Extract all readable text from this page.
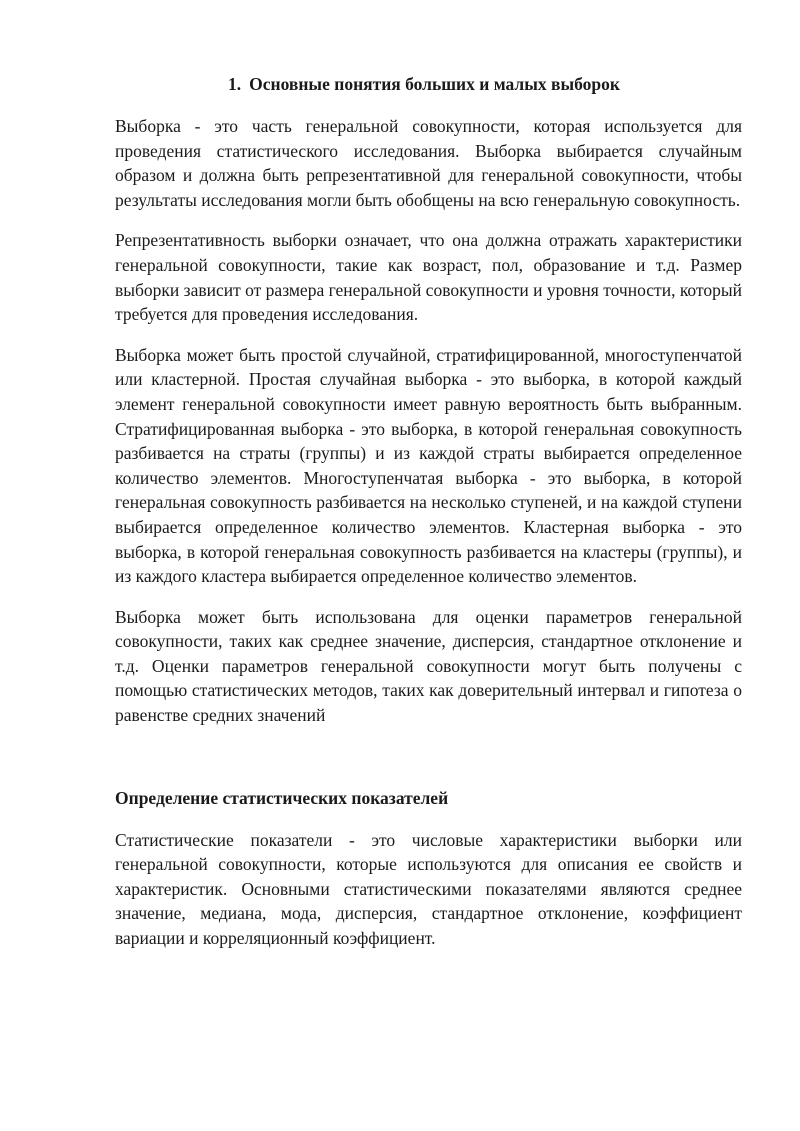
1. Основные понятия больших и малых выборок

Выборка - это часть генеральной совокупности, которая используется для проведения статистического исследования. Выборка выбирается случайным образом и должна быть репрезентативной для генеральной совокупности, чтобы результаты исследования могли быть обобщены на всю генеральную совокупность.

Репрезентативность выборки означает, что она должна отражать характеристики генеральной совокупности, такие как возраст, пол, образование и т.д. Размер выборки зависит от размера генеральной совокупности и уровня точности, который требуется для проведения исследования.

Выборка может быть простой случайной, стратифицированной, многоступенчатой или кластерной. Простая случайная выборка - это выборка, в которой каждый элемент генеральной совокупности имеет равную вероятность быть выбранным. Стратифицированная выборка - это выборка, в которой генеральная совокупность разбивается на страты (группы) и из каждой страты выбирается определенное количество элементов. Многоступенчатая выборка - это выборка, в которой генеральная совокупность разбивается на несколько ступеней, и на каждой ступени выбирается определенное количество элементов. Кластерная выборка - это выборка, в которой генеральная совокупность разбивается на кластеры (группы), и из каждого кластера выбирается определенное количество элементов.

Выборка может быть использована для оценки параметров генеральной совокупности, таких как среднее значение, дисперсия, стандартное отклонение и т.д. Оценки параметров генеральной совокупности могут быть получены с помощью статистических методов, таких как доверительный интервал и гипотеза о равенстве средних значений

Определение статистических показателей

Статистические показатели - это числовые характеристики выборки или генеральной совокупности, которые используются для описания ее свойств и характеристик. Основными статистическими показателями являются среднее значение, медиана, мода, дисперсия, стандартное отклонение, коэффициент вариации и корреляционный коэффициент.
